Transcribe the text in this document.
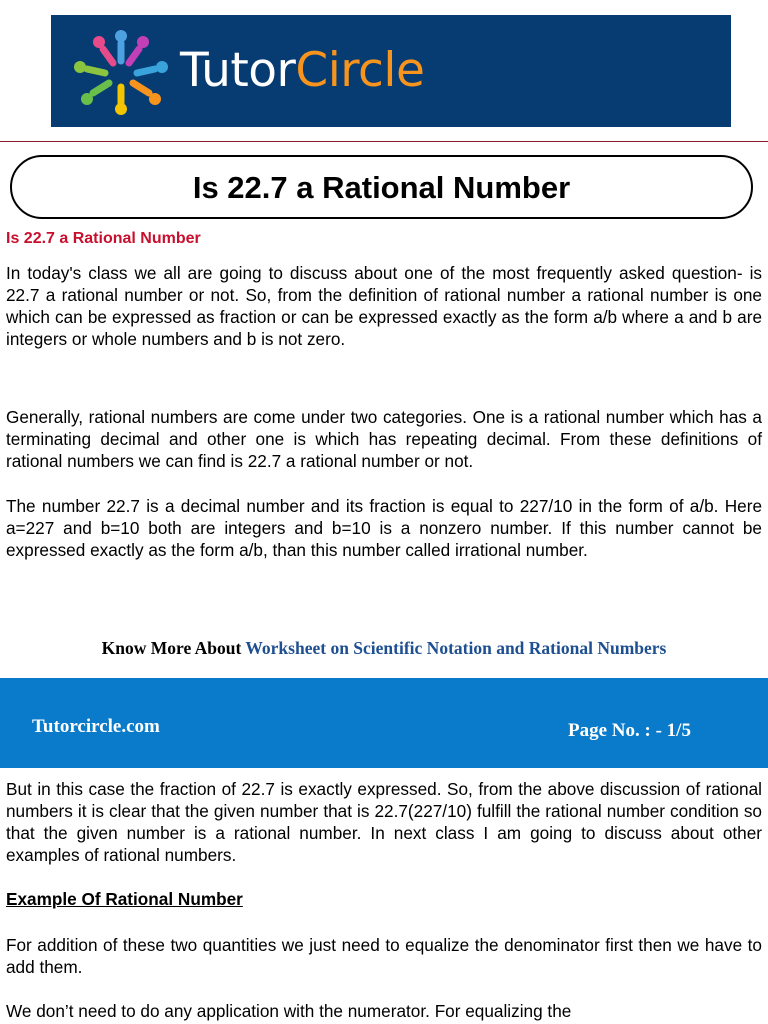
TutorCircle
Is 22.7 a Rational Number
Is 22.7 a Rational Number

In today's class we all are going to discuss about one of the most frequently asked question- is 22.7 a rational number or not. So, from the definition of rational number a rational number is one which can be expressed as fraction or can be expressed exactly as the form a/b where a and b are integers or whole numbers and b is not zero.

Generally, rational numbers are come under two categories. One is a rational number which has a terminating decimal and other one is which has repeating decimal. From these definitions of rational numbers we can find is 22.7 a rational number or not.

The number 22.7 is a decimal number and its fraction is equal to 227/10 in the form of a/b. Here a=227 and b=10 both are integers and b=10 is a nonzero number. If this number cannot be expressed exactly as the form a/b, than this number called irrational number.

Know More About Worksheet on Scientific Notation and Rational Numbers
Tutorcircle.com	Page No. : - 1/5

But in this case the fraction of 22.7 is exactly expressed. So, from the above discussion of rational numbers it is clear that the given number that is 22.7(227/10) fulfill the rational number condition so that the given number is a rational number. In next class I am going to discuss about other examples of rational numbers.

Example Of Rational Number

For addition of these two quantities we just need to equalize the denominator first then we have to add them.

We don’t need to do any application with the numerator. For equalizing the
